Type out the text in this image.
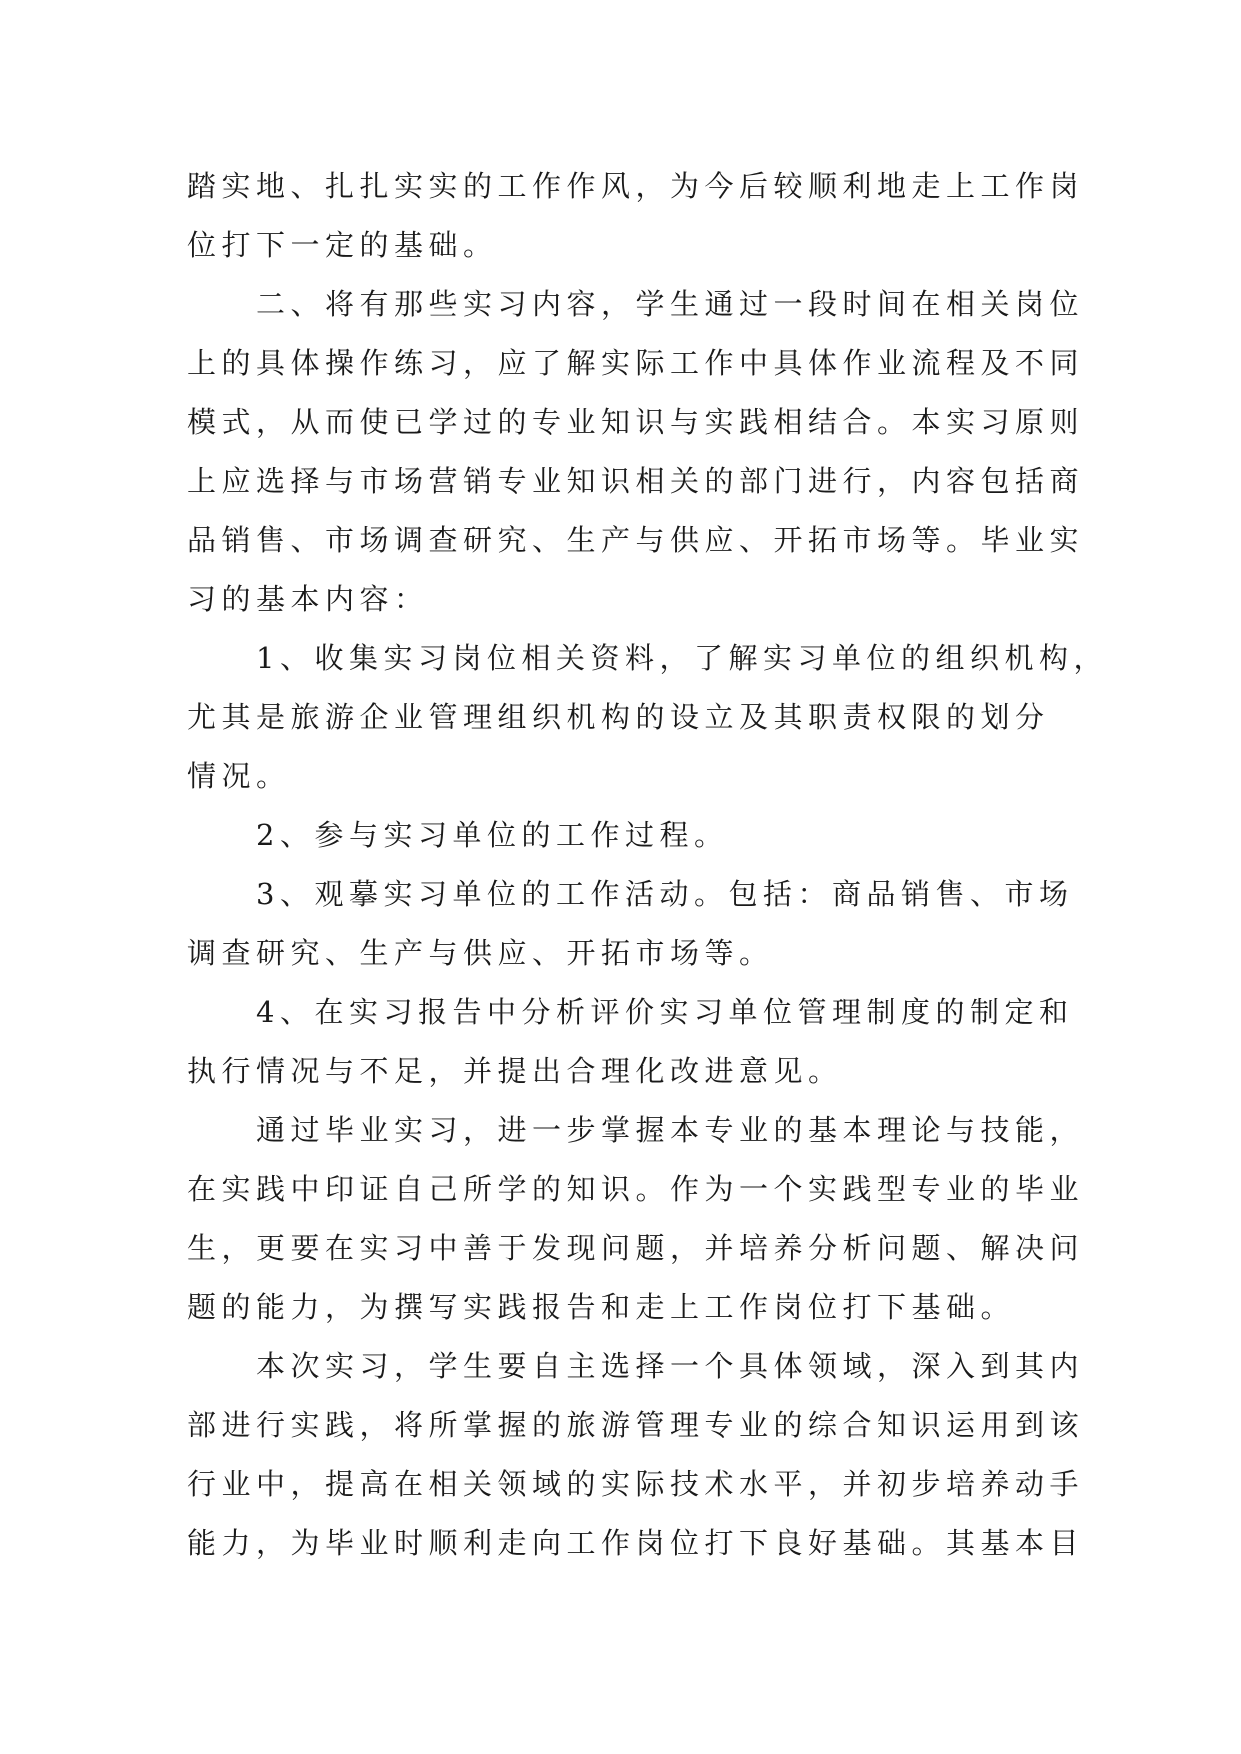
踏实地、扎扎实实的工作作风，为今后较顺利地走上工作岗
位打下一定的基础。
　　二、将有那些实习内容，学生通过一段时间在相关岗位
上的具体操作练习，应了解实际工作中具体作业流程及不同
模式，从而使已学过的专业知识与实践相结合。本实习原则
上应选择与市场营销专业知识相关的部门进行，内容包括商
品销售、市场调查研究、生产与供应、开拓市场等。毕业实
习的基本内容：
　　1、收集实习岗位相关资料，了解实习单位的组织机构，
尤其是旅游企业管理组织机构的设立及其职责权限的划分
情况。
　　2、参与实习单位的工作过程。
　　3、观摹实习单位的工作活动。包括：商品销售、市场
调查研究、生产与供应、开拓市场等。
　　4、在实习报告中分析评价实习单位管理制度的制定和
执行情况与不足，并提出合理化改进意见。
　　通过毕业实习，进一步掌握本专业的基本理论与技能，
在实践中印证自己所学的知识。作为一个实践型专业的毕业
生，更要在实习中善于发现问题，并培养分析问题、解决问
题的能力，为撰写实践报告和走上工作岗位打下基础。
　　本次实习，学生要自主选择一个具体领域，深入到其内
部进行实践，将所掌握的旅游管理专业的综合知识运用到该
行业中，提高在相关领域的实际技术水平，并初步培养动手
能力，为毕业时顺利走向工作岗位打下良好基础。其基本目
